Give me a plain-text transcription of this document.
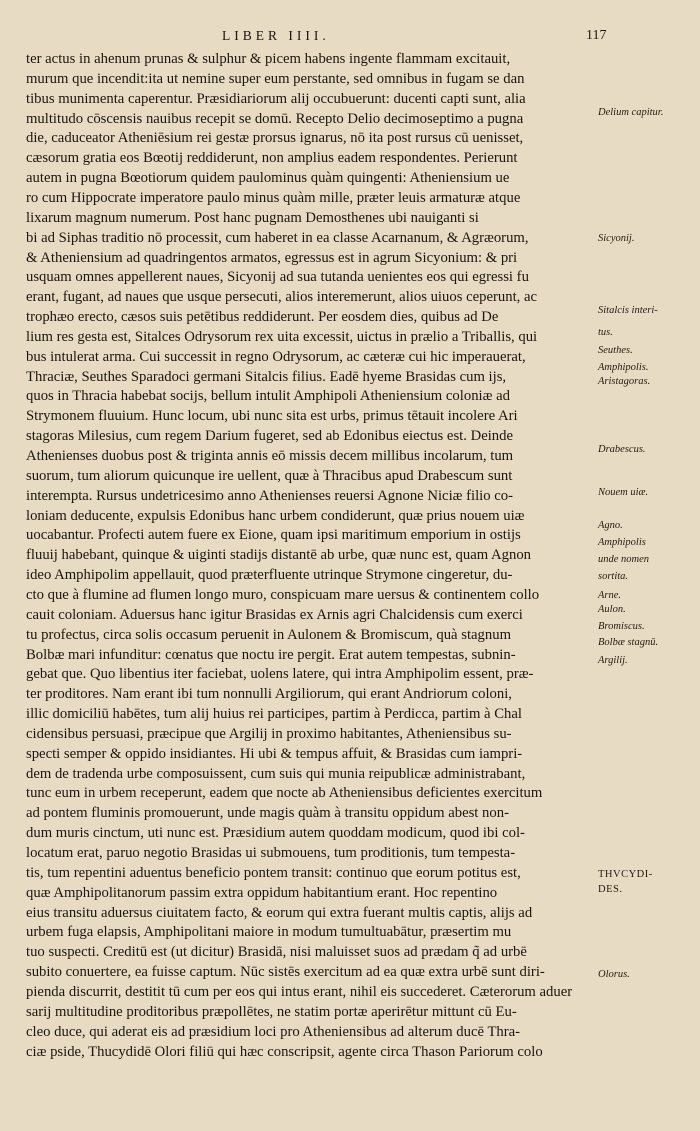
LIBER IIII.	117
ter actus in ahenum prunas & sulphur & picem habens ingente flammam excitauit,
murum que incendit:ita ut nemine super eum perstante, sed omnibus in fugam se dan
tibus munimenta caperentur. Præsidiariorum alij occubuerunt: ducenti capti sunt, alia
multitudo cōscensis nauibus recepit se domū. Recepto Delio decimoseptimo a pugna
die, caduceator Atheniēsium rei gestæ prorsus ignarus, nō ita post rursus cū uenisset,
cæsorum gratia eos Bœotij reddiderunt, non amplius eadem respondentes. Perierunt
autem in pugna Bœotiorum quidem paulominus quàm quingenti: Atheniensium ue
ro cum Hippocrate imperatore paulo minus quàm mille, præter leuis armaturæ atque
lixarum magnum numerum. Post hanc pugnam Demosthenes ubi nauiganti si
bi ad Siphas traditio nō processit, cum haberet in ea classe Acarnanum, & Agræorum,
& Atheniensium ad quadringentos armatos, egressus est in agrum Sicyonium: & pri
usquam omnes appellerent naues, Sicyonij ad sua tutanda uenientes eos qui egressi fu
erant, fugant, ad naues que usque persecuti, alios interemerunt, alios uiuos ceperunt, ac
trophæo erecto, cæsos suis petētibus reddiderunt. Per eosdem dies, quibus ad De
lium res gesta est, Sitalces Odrysorum rex uita excessit, uictus in prælio a Triballis, qui
bus intulerat arma. Cui successit in regno Odrysorum, ac cæteræ cui hic imperauerat,
Thraciæ, Seuthes Sparadoci germani Sitalcis filius. Eadē hyeme Brasidas cum ijs,
quos in Thracia habebat socijs, bellum intulit Amphipoli Atheniensium coloniæ ad
Strymonem fluuium. Hunc locum, ubi nunc sita est urbs, primus tētauit incolere Ari
stagoras Milesius, cum regem Darium fugeret, sed ab Edonibus eiectus est. Deinde
Athenienses duobus post & triginta annis eō missis decem millibus incolarum, tum
suorum, tum aliorum quicunque ire uellent, quæ à Thracibus apud Drabescum sunt
interempta. Rursus undetricesimo anno Athenienses reuersi Agnone Niciæ filio co-
loniam deducente, expulsis Edonibus hanc urbem condiderunt, quæ prius nouem uiæ
uocabantur. Profecti autem fuere ex Eione, quam ipsi maritimum emporium in ostijs
fluuij habebant, quinque & uiginti stadijs distantē ab urbe, quæ nunc est, quam Agnon
ideo Amphipolim appellauit, quod præterfluente utrinque Strymone cingeretur, du-
cto que à flumine ad flumen longo muro, conspicuam mare uersus & continentem collo
cauit coloniam. Aduersus hanc igitur Brasidas ex Arnis agri Chalcidensis cum exerci
tu profectus, circa solis occasum peruenit in Aulonem & Bromiscum, quà stagnum
Bolbæ mari infunditur: cœnatus que noctu ire pergit. Erat autem tempestas, subnin-
gebat que. Quo libentius iter faciebat, uolens latere, qui intra Amphipolim essent, præ-
ter proditores. Nam erant ibi tum nonnulli Argiliorum, qui erant Andriorum coloni,
illic domiciliū habētes, tum alij huius rei participes, partim à Perdicca, partim à Chal
cidensibus persuasi, præcipue que Argilij in proximo habitantes, Atheniensibus su-
specti semper & oppido insidiantes. Hi ubi & tempus affuit, & Brasidas cum iampri-
dem de tradenda urbe composuissent, cum suis qui munia reipublicæ administrabant,
tunc eum in urbem receperunt, eadem que nocte ab Atheniensibus deficientes exercitum
ad pontem fluminis promouerunt, unde magis quàm à transitu oppidum abest non-
dum muris cinctum, uti nunc est. Præsidium autem quoddam modicum, quod ibi col-
locatum erat, paruo negotio Brasidas ui submouens, tum proditionis, tum tempesta-
tis, tum repentini aduentus beneficio pontem transit: continuo que eorum potitus est,
quæ Amphipolitanorum passim extra oppidum habitantium erant. Hoc repentino
eius transitu aduersus ciuitatem facto, & eorum qui extra fuerant multis captis, alijs ad
urbem fuga elapsis, Amphipolitani maiore in modum tumultuabātur, præsertim mu
tuo suspecti. Creditū est (ut dicitur) Brasidā, nisi maluisset suos ad prædam q̃ ad urbē
subito conuertere, ea fuisse captum. Nūc sistēs exercitum ad ea quæ extra urbē sunt diri-
pienda discurrit, destitit tū cum per eos qui intus erant, nihil eis succederet. Cæterorum aduer
sarij multitudine proditoribus præpollētes, ne statim portæ aperirētur mittunt cū Eu-
cleo duce, qui aderat eis ad præsidium loci pro Atheniensibus ad alterum ducē Thra-
ciæ pside, Thucydidē Olori filiū qui hæc conscripsit, agente circa Thason Pariorum colo
Delium capitur.
Sicyonij.
Sitalcis interi-
tus.
Seuthes.
Amphipolis.
Aristagoras.
Drabescus.
Nouem uiæ.
Agno.
Amphipolis
unde nomen
sortita.
Arne.
Aulon.
Bromiscus.
Bolbæ stagnū.
Argilij.
THVCYDI-
DES.
Olorus.
